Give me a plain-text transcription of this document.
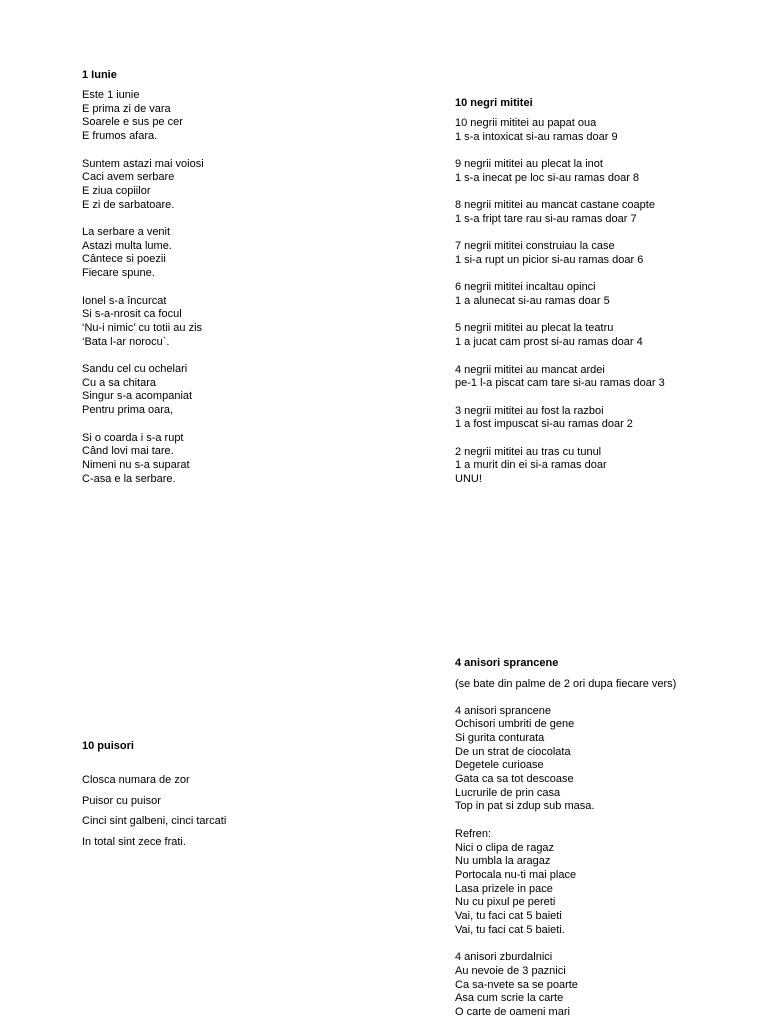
1 Iunie

Este 1 iunie
E prima zi de vara
Soarele e sus pe cer
E frumos afara.
Suntem astazi mai voiosi
Caci avem serbare
E ziua copiilor
E zi de sarbatoare.
La serbare a venit
Astazi multa lume.
Cântece si poezii
Fiecare spune.
Ionel s-a încurcat
Si s-a-nrosit ca focul
‘Nu-i nimic’ cu totii au zis
‘Bata l-ar norocu`.
Sandu cel cu ochelari
Cu a sa chitara
Singur s-a acompaniat
Pentru prima oara,
Si o coarda i s-a rupt
Când lovi mai tare.
Nimeni nu s-a suparat
C-asa e la serbare.

10 negri mititei

10 negrii mititei au papat oua
1 s-a intoxicat si-au ramas doar 9
9 negrii mititei au plecat la inot
1 s-a inecat pe loc si-au ramas doar 8
8 negrii mititei au mancat castane coapte
1 s-a fript tare rau si-au ramas doar 7
7 negrii mititei construiau la case
1 si-a rupt un picior si-au ramas doar 6
6 negrii mititei incaltau opinci
1 a alunecat si-au ramas doar 5
5 negrii mititei au plecat la teatru
1 a jucat cam prost si-au ramas doar 4
4 negrii mititei au mancat ardei
pe-1 l-a piscat cam tare si-au ramas doar 3
3 negrii mititei au fost la razboi
1 a fost impuscat si-au ramas doar 2
2 negrii mititei au tras cu tunul
1 a murit din ei si-a ramas doar
UNU!

10 puisori

Closca numara de zor
Puisor cu puisor
Cinci sint galbeni, cinci tarcati
In total sint zece frati.

4 anisori sprancene

(se bate din palme de 2 ori dupa fiecare vers)
4 anisori sprancene
Ochisori umbriti de gene
Si gurita conturata
De un strat de ciocolata
Degetele curioase
Gata ca sa tot descoase
Lucrurile de prin casa
Top in pat si zdup sub masa.
Refren:
Nici o clipa de ragaz
Nu umbla la aragaz
Portocala nu-ti mai place
Lasa prizele in pace
Nu cu pixul pe pereti
Vai, tu faci cat 5 baieti
Vai, tu faci cat 5 baieti.
4 anisori zburdalnici
Au nevoie de 3 paznici
Ca sa-nvete sa se poarte
Asa cum scrie la carte
O carte de oameni mari
